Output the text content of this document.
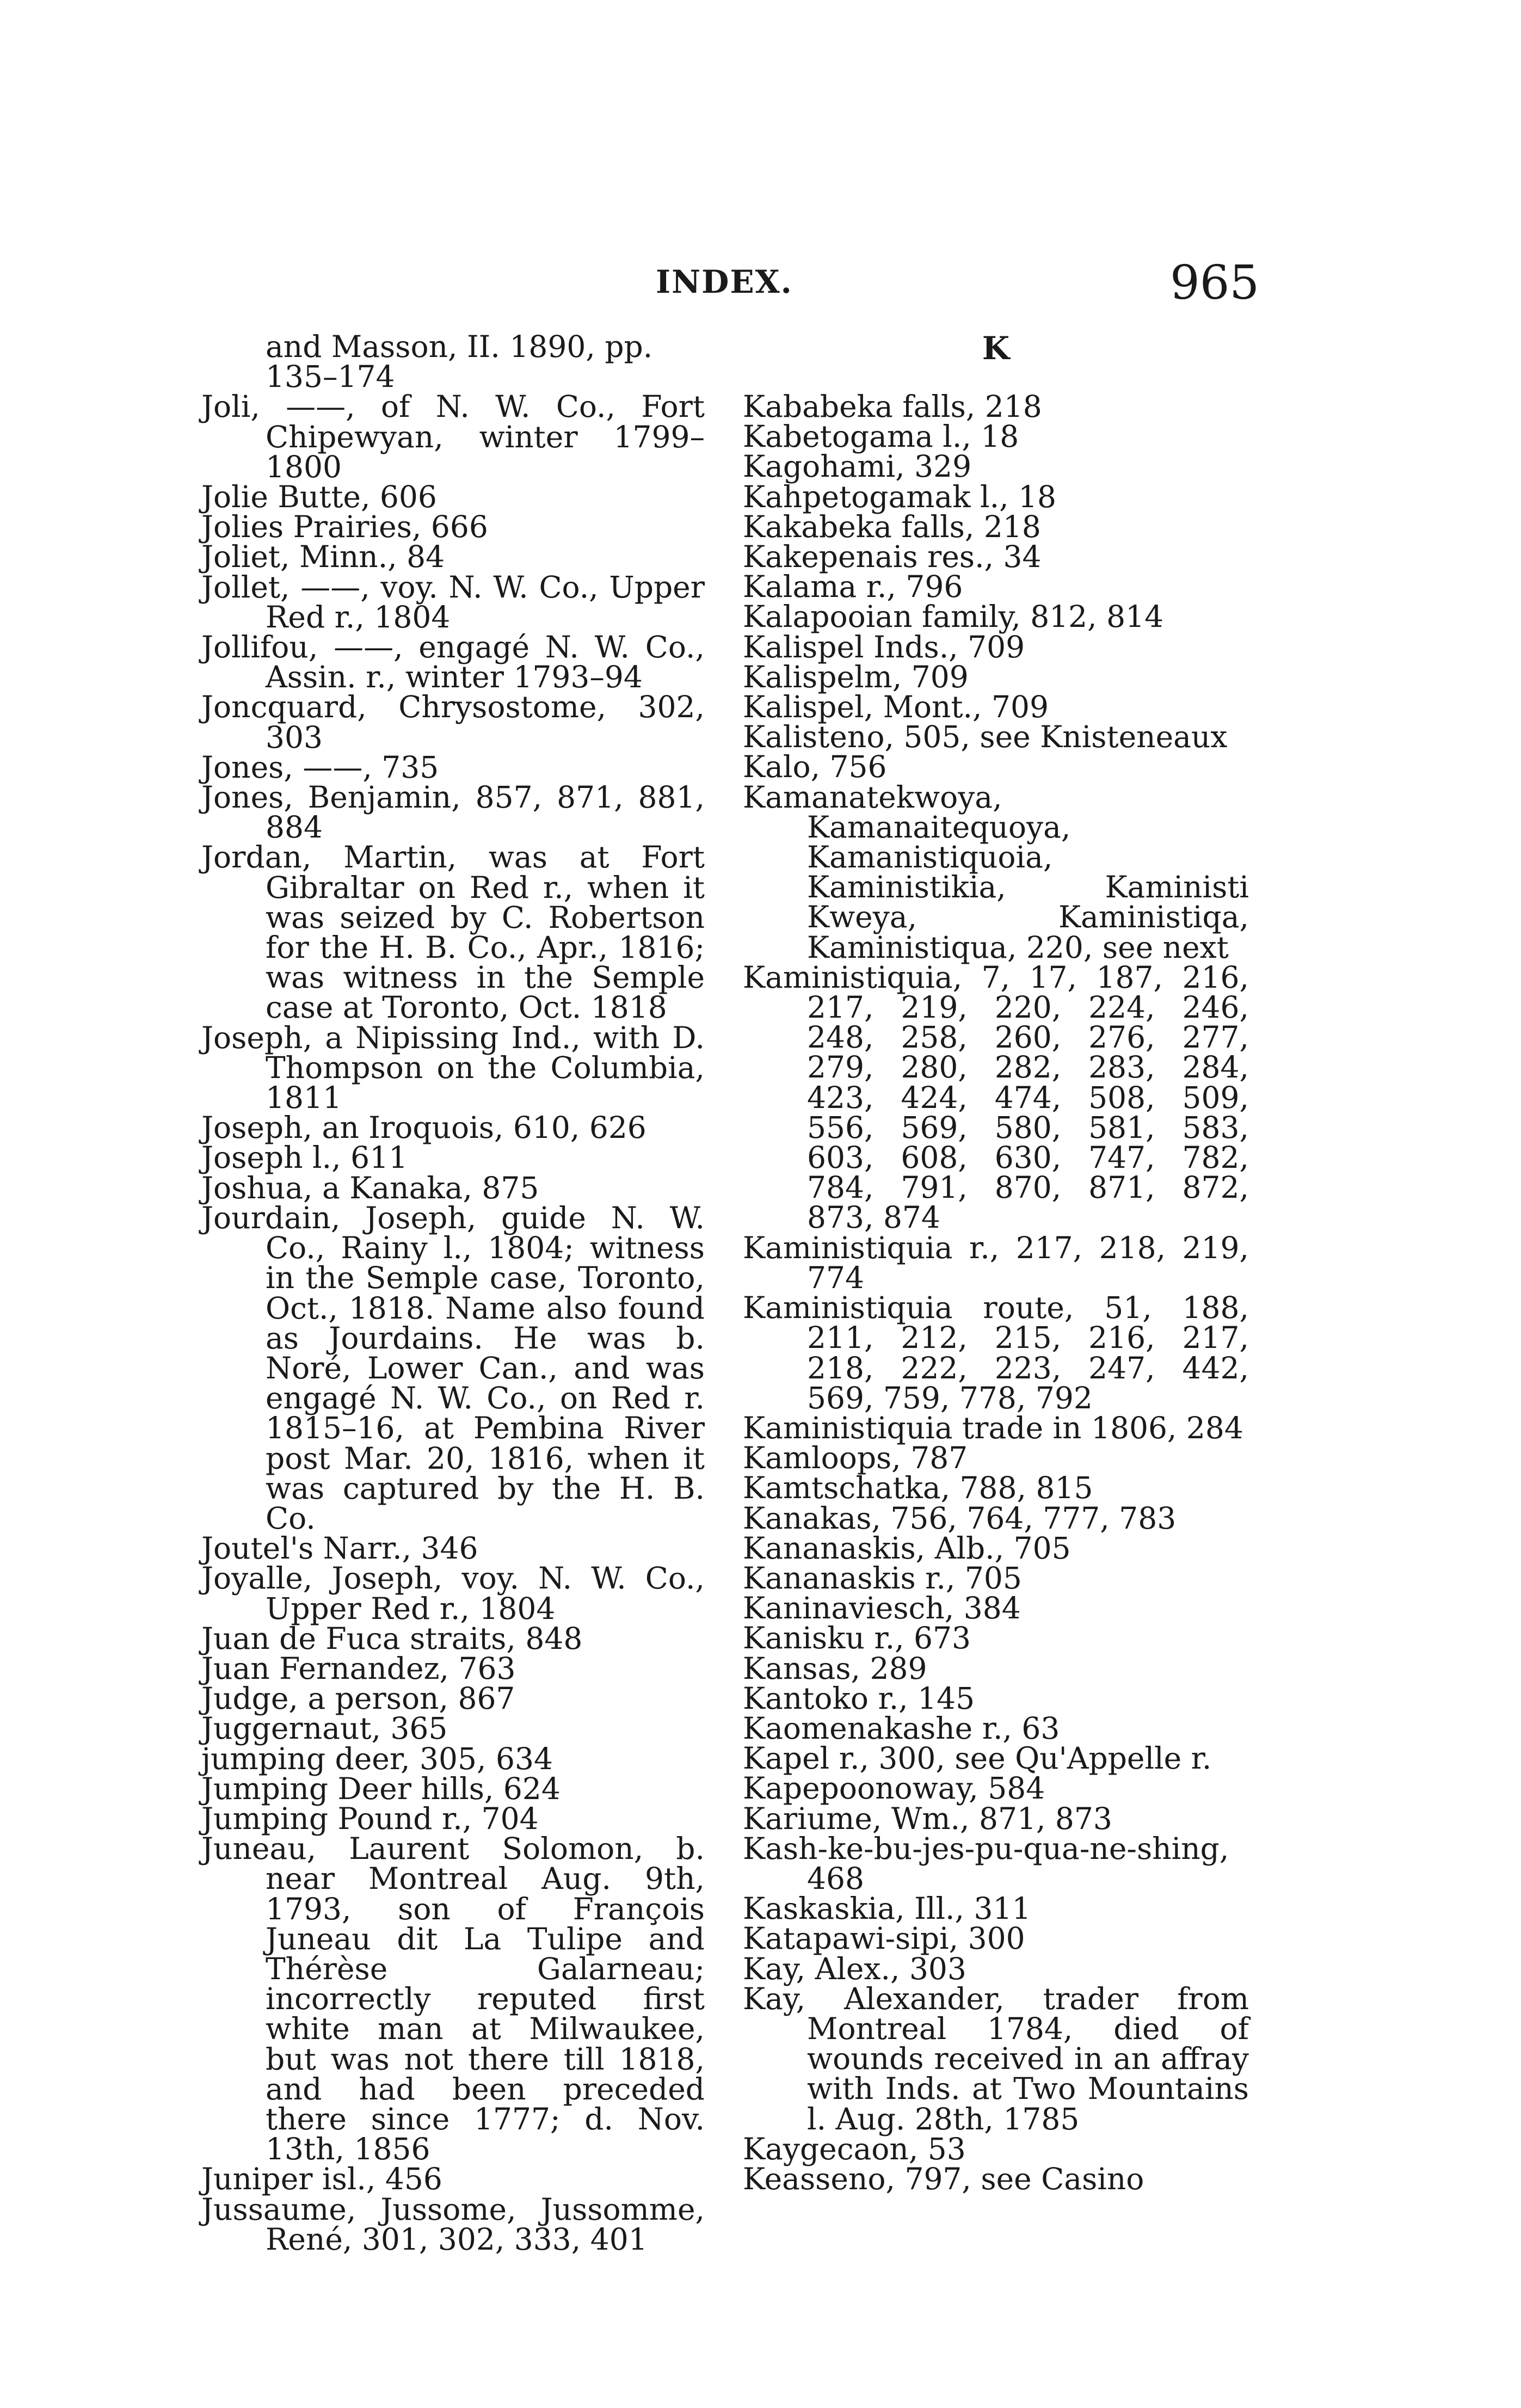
INDEX.	965
and Masson, II. 1890, pp.
135–174

Joli, ——, of N. W. Co., Fort Chipewyan, winter 1799–1800

Jolie Butte, 606

Jolies Prairies, 666

Joliet, Minn., 84

Jollet, ——, voy. N. W. Co., Upper Red r., 1804

Jollifou, ——, engagé N. W. Co., Assin. r., winter 1793–94

Joncquard, Chrysostome, 302, 303

Jones, ——, 735

Jones, Benjamin, 857, 871, 881, 884

Jordan, Martin, was at Fort Gibraltar on Red r., when it was seized by C. Robertson for the H. B. Co., Apr., 1816; was witness in the Semple case at Toronto, Oct. 1818

Joseph, a Nipissing Ind., with D. Thompson on the Columbia, 1811

Joseph, an Iroquois, 610, 626

Joseph l., 611

Joshua, a Kanaka, 875

Jourdain, Joseph, guide N. W. Co., Rainy l., 1804; witness in the Semple case, Toronto, Oct., 1818. Name also found as Jourdains. He was b. Noré, Lower Can., and was engagé N. W. Co., on Red r. 1815–16, at Pembina River post Mar. 20, 1816, when it was captured by the H. B. Co.

Joutel's Narr., 346

Joyalle, Joseph, voy. N. W. Co., Upper Red r., 1804

Juan de Fuca straits, 848

Juan Fernandez, 763

Judge, a person, 867

Juggernaut, 365

jumping deer, 305, 634

Jumping Deer hills, 624

Jumping Pound r., 704

Juneau, Laurent Solomon, b. near Montreal Aug. 9th, 1793, son of François Juneau dit La Tulipe and Thérèse Galarneau; incorrectly reputed first white man at Milwaukee, but was not there till 1818, and had been preceded there since 1777; d. Nov. 13th, 1856

Juniper isl., 456

Jussaume, Jussome, Jussomme, René, 301, 302, 333, 401

K

Kababeka falls, 218

Kabetogama l., 18

Kagohami, 329

Kahpetogamak l., 18

Kakabeka falls, 218

Kakepenais res., 34

Kalama r., 796

Kalapooian family, 812, 814

Kalispel Inds., 709

Kalispelm, 709

Kalispel, Mont., 709

Kalisteno, 505, see Knisteneaux

Kalo, 756

Kamanatekwoya, Kamanaitequoya, Kamanistiquoia, Kaministikia, Kaministi Kweya, Kaministiqa, Kaministiqua, 220, see next

Kaministiquia, 7, 17, 187, 216, 217, 219, 220, 224, 246, 248, 258, 260, 276, 277, 279, 280, 282, 283, 284, 423, 424, 474, 508, 509, 556, 569, 580, 581, 583, 603, 608, 630, 747, 782, 784, 791, 870, 871, 872, 873, 874

Kaministiquia r., 217, 218, 219, 774

Kaministiquia route, 51, 188, 211, 212, 215, 216, 217, 218, 222, 223, 247, 442, 569, 759, 778, 792

Kaministiquia trade in 1806, 284

Kamloops, 787

Kamtschatka, 788, 815

Kanakas, 756, 764, 777, 783

Kananaskis, Alb., 705

Kananaskis r., 705

Kaninaviesch, 384

Kanisku r., 673

Kansas, 289

Kantoko r., 145

Kaomenakashe r., 63

Kapel r., 300, see Qu'Appelle r.

Kapepoonoway, 584

Kariume, Wm., 871, 873

Kash-ke-bu-jes-pu-qua-ne-shing, 468

Kaskaskia, Ill., 311

Katapawi-sipi, 300

Kay, Alex., 303

Kay, Alexander, trader from Montreal 1784, died of wounds received in an affray with Inds. at Two Mountains l. Aug. 28th, 1785

Kaygecaon, 53

Keasseno, 797, see Casino
